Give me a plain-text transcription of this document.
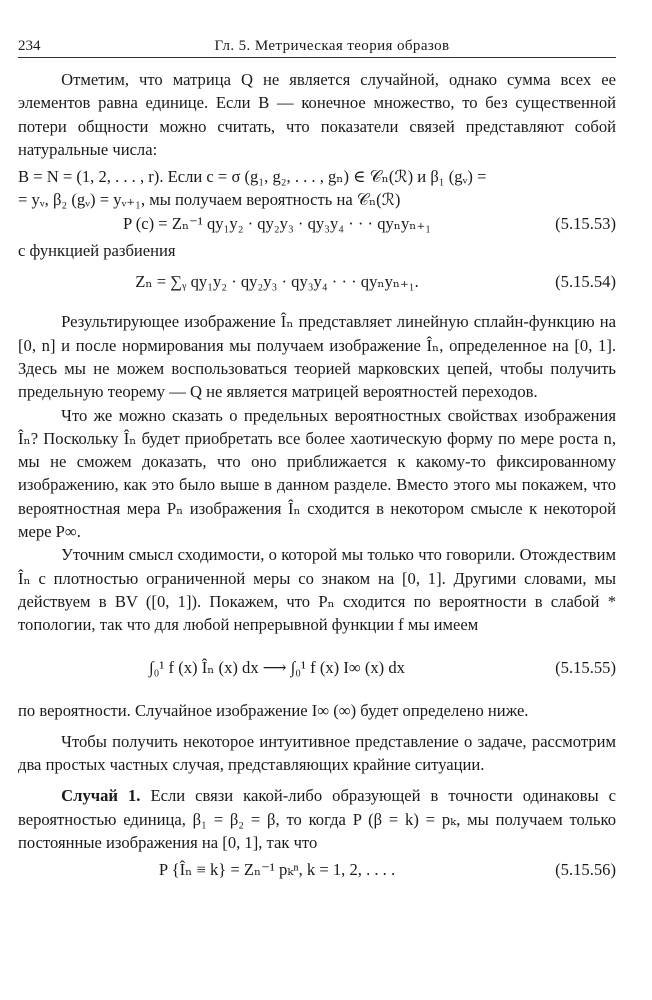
234	Гл. 5. Метрическая теория образов

Отметим, что матрица Q не является случайной, однако сумма всех ее элементов равна единице. Если B — конечное множество, то без существенной потери общности можно считать, что показатели связей представляют собой натуральные числа:

B = N = (1, 2, . . . , r). Если c = σ (g₁, g₂, . . . , gₙ) ∈ 𝒞ₙ(ℛ) и β₁ (gᵥ) =

= yᵥ, β₂ (gᵥ) = yᵥ₊₁, мы получаем вероятность на 𝒞ₙ(ℛ)

P (c) = Zₙ⁻¹ qy₁y₂ · qy₂y₃ · qy₃y₄ · · · qyₙyₙ₊₁	(5.15.53)

с функцией разбиения

Zₙ = ∑ᵧ qy₁y₂ · qy₂y₃ · qy₃y₄ · · · qyₙyₙ₊₁.	(5.15.54)

Результирующее изображение Îₙ представляет линейную сплайн-функцию на [0, n] и после нормирования мы получаем изображение Îₙ, определенное на [0, 1]. Здесь мы не можем воспользоваться теорией марковских цепей, чтобы получить предельную теорему — Q не является матрицей вероятностей переходов.

Что же можно сказать о предельных вероятностных свойствах изображения Îₙ? Поскольку Îₙ будет приобретать все более хаотическую форму по мере роста n, мы не сможем доказать, что оно приближается к какому-то фиксированному изображению, как это было выше в данном разделе. Вместо этого мы покажем, что вероятностная мера Pₙ изображения Îₙ сходится в некотором смысле к некоторой мере P∞.

Уточним смысл сходимости, о которой мы только что говорили. Отождествим Îₙ с плотностью ограниченной меры со знаком на [0, 1]. Другими словами, мы действуем в BV ([0, 1]). Покажем, что Pₙ сходится по вероятности в слабой * топологии, так что для любой непрерывной функции f мы имеем

∫₀¹ f (x) Îₙ (x) dx ⟶ ∫₀¹ f (x) I∞ (x) dx	(5.15.55)

по вероятности. Случайное изображение I∞ (∞) будет определено ниже.

Чтобы получить некоторое интуитивное представление о задаче, рассмотрим два простых частных случая, представляющих крайние ситуации.

Случай 1. Если связи какой-либо образующей в точности одинаковы с вероятностью единица, β₁ = β₂ = β, то когда P (β = k) = pₖ, мы получаем только постоянные изображения на [0, 1], так что

P {Îₙ ≡ k} = Zₙ⁻¹ pₖⁿ, k = 1, 2, . . . .	(5.15.56)
